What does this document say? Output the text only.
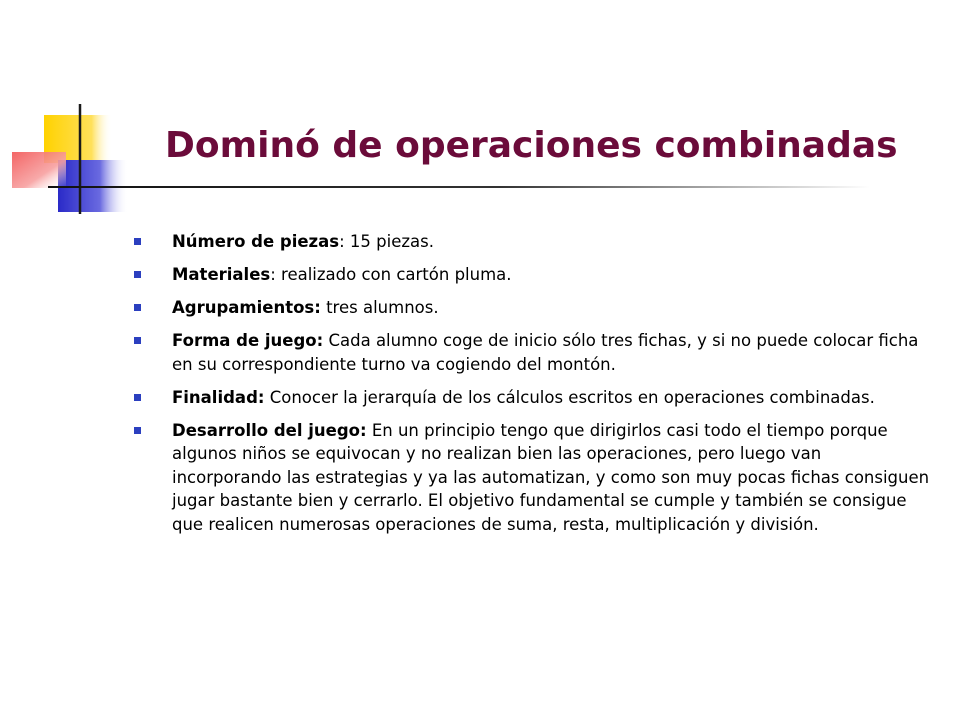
Dominó de operaciones combinadas
Número de piezas: 15 piezas.
Materiales: realizado con cartón pluma.
Agrupamientos: tres alumnos.
Forma de juego: Cada alumno coge de inicio sólo tres fichas, y si no puede colocar ficha en su correspondiente turno va cogiendo del montón.
Finalidad: Conocer la jerarquía de los cálculos escritos en operaciones combinadas.
Desarrollo del juego: En un principio tengo que dirigirlos casi todo el tiempo porque algunos niños se equivocan y no realizan bien las operaciones, pero luego van incorporando las estrategias y ya las automatizan, y como son muy pocas fichas consiguen jugar bastante bien y cerrarlo. El objetivo fundamental se cumple y también se consigue que realicen numerosas operaciones de suma, resta, multiplicación y división.
